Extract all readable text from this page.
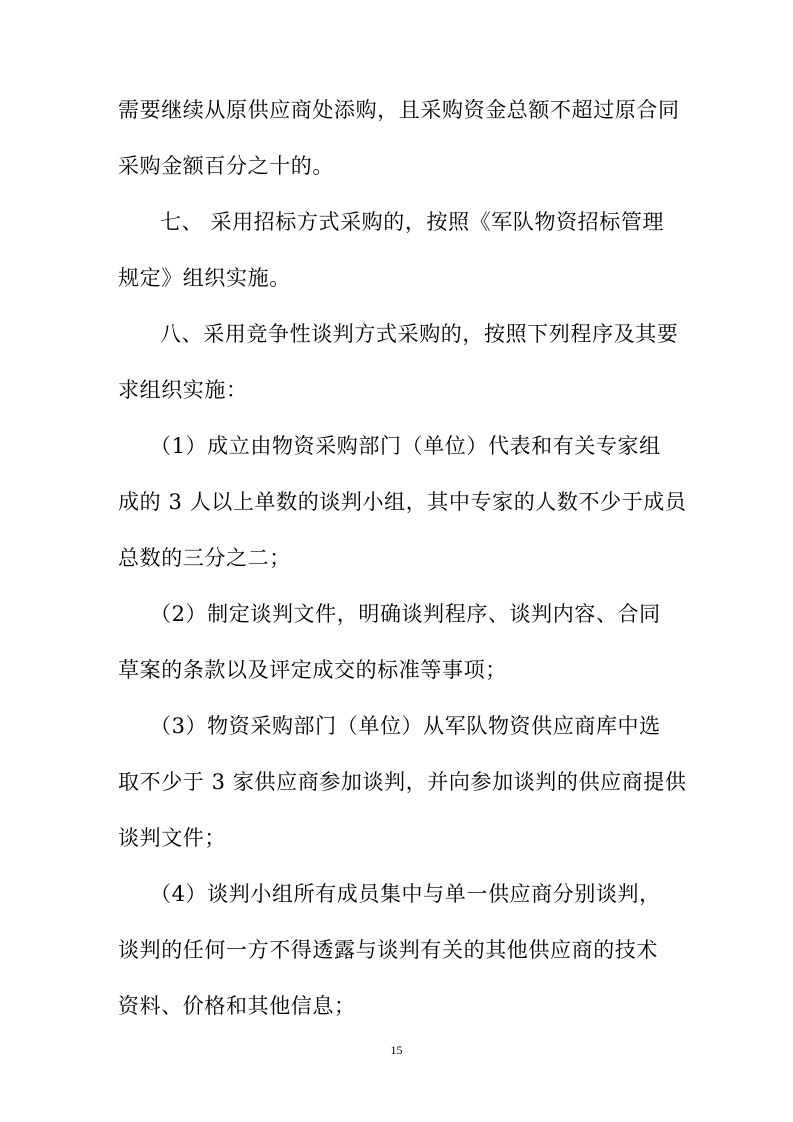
需要继续从原供应商处添购，且采购资金总额不超过原合同
采购金额百分之十的。
七、 采用招标方式采购的，按照《军队物资招标管理
规定》组织实施。
八、采用竞争性谈判方式采购的，按照下列程序及其要
求组织实施：
（1）成立由物资采购部门（单位）代表和有关专家组
成的 3 人以上单数的谈判小组，其中专家的人数不少于成员
总数的三分之二；
（2）制定谈判文件，明确谈判程序、谈判内容、合同
草案的条款以及评定成交的标准等事项；
（3）物资采购部门（单位）从军队物资供应商库中选
取不少于 3 家供应商参加谈判，并向参加谈判的供应商提供
谈判文件；
（4）谈判小组所有成员集中与单一供应商分别谈判，
谈判的任何一方不得透露与谈判有关的其他供应商的技术
资料、价格和其他信息；
15
